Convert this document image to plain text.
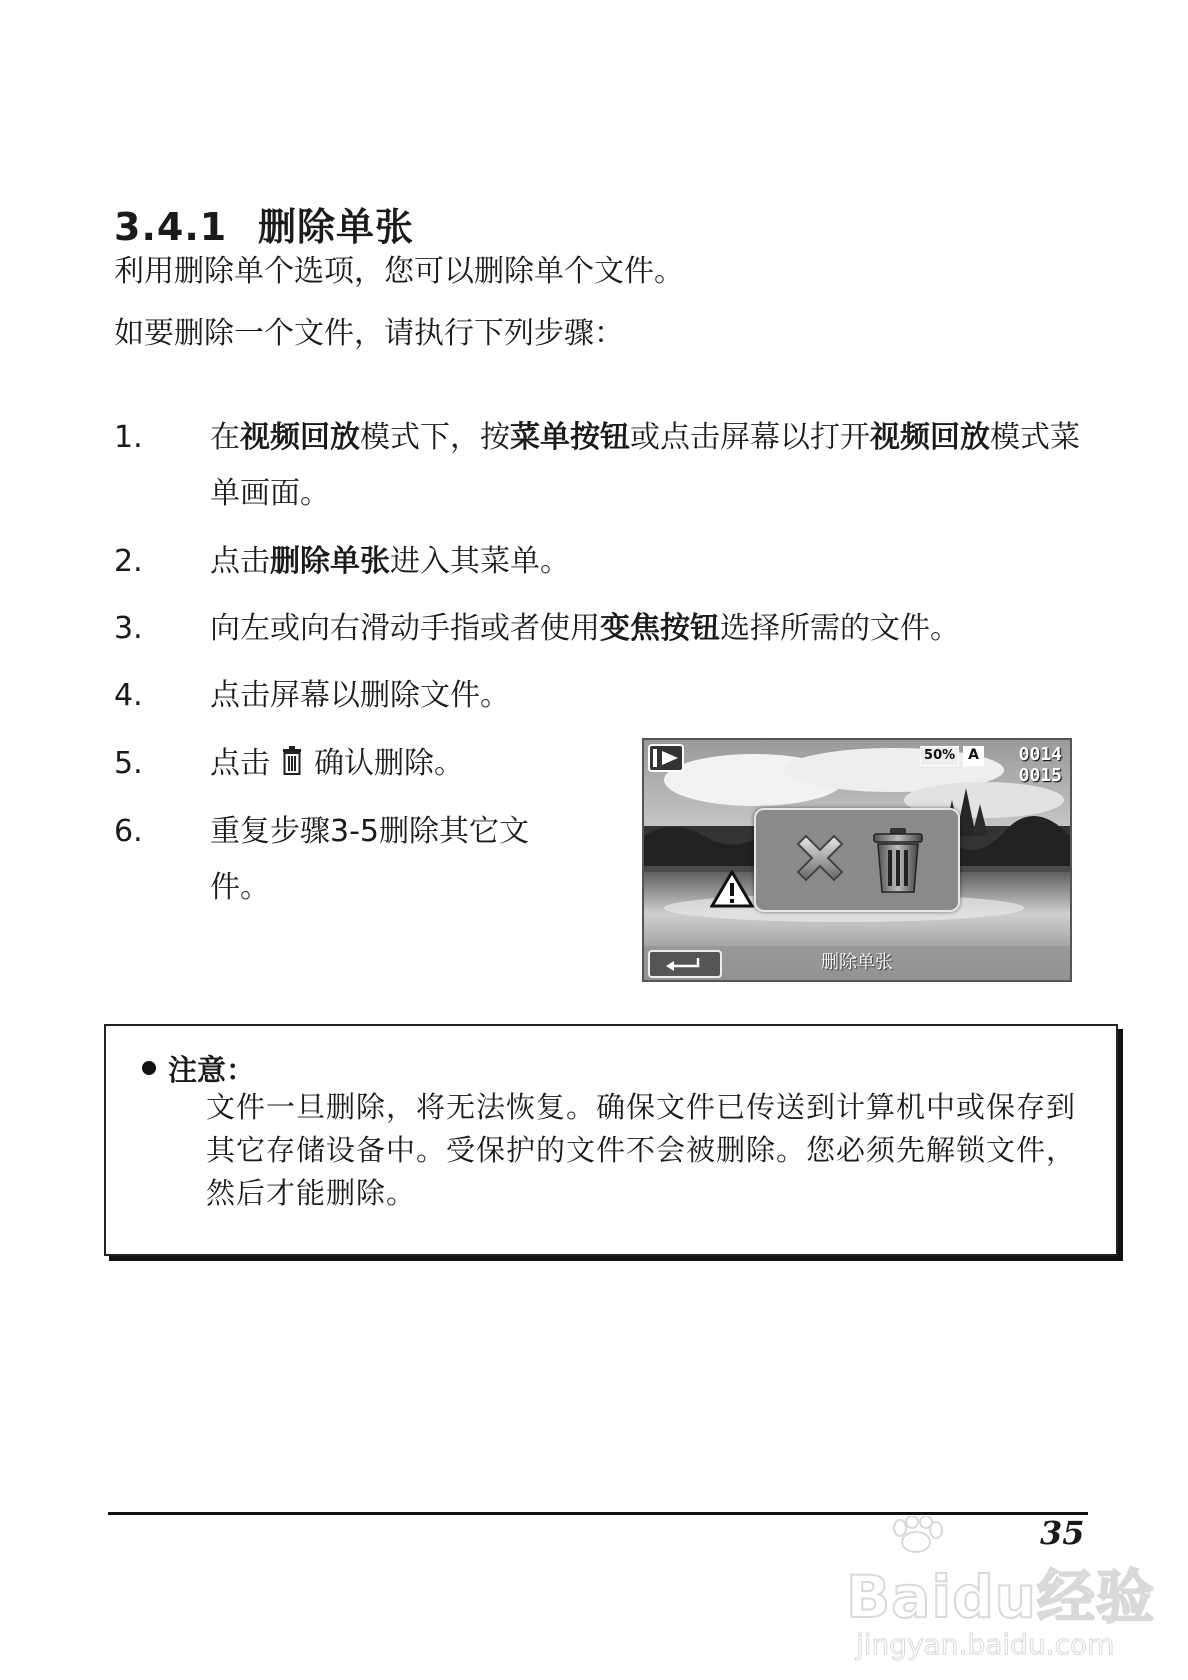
3.4.1 删除单张

利用删除单个选项，您可以删除单个文件。

如要删除一个文件，请执行下列步骤：

1.	在视频回放模式下，按菜单按钮或点击屏幕以打开视频回放模式菜单画面。
2.	点击删除单张进入其菜单。
3.	向左或向右滑动手指或者使用变焦按钮选择所需的文件。
4.	点击屏幕以删除文件。
5.	点击 确认删除。
6.	重复步骤3-5删除其它文件。
50% A 0014
0015
删除单张
注意：

文件一旦删除，将无法恢复。确保文件已传送到计算机中或保存到其它存储设备中。受保护的文件不会被删除。您必须先解锁文件，然后才能删除。

Baidu经验
jingyan.baidu.com
35
